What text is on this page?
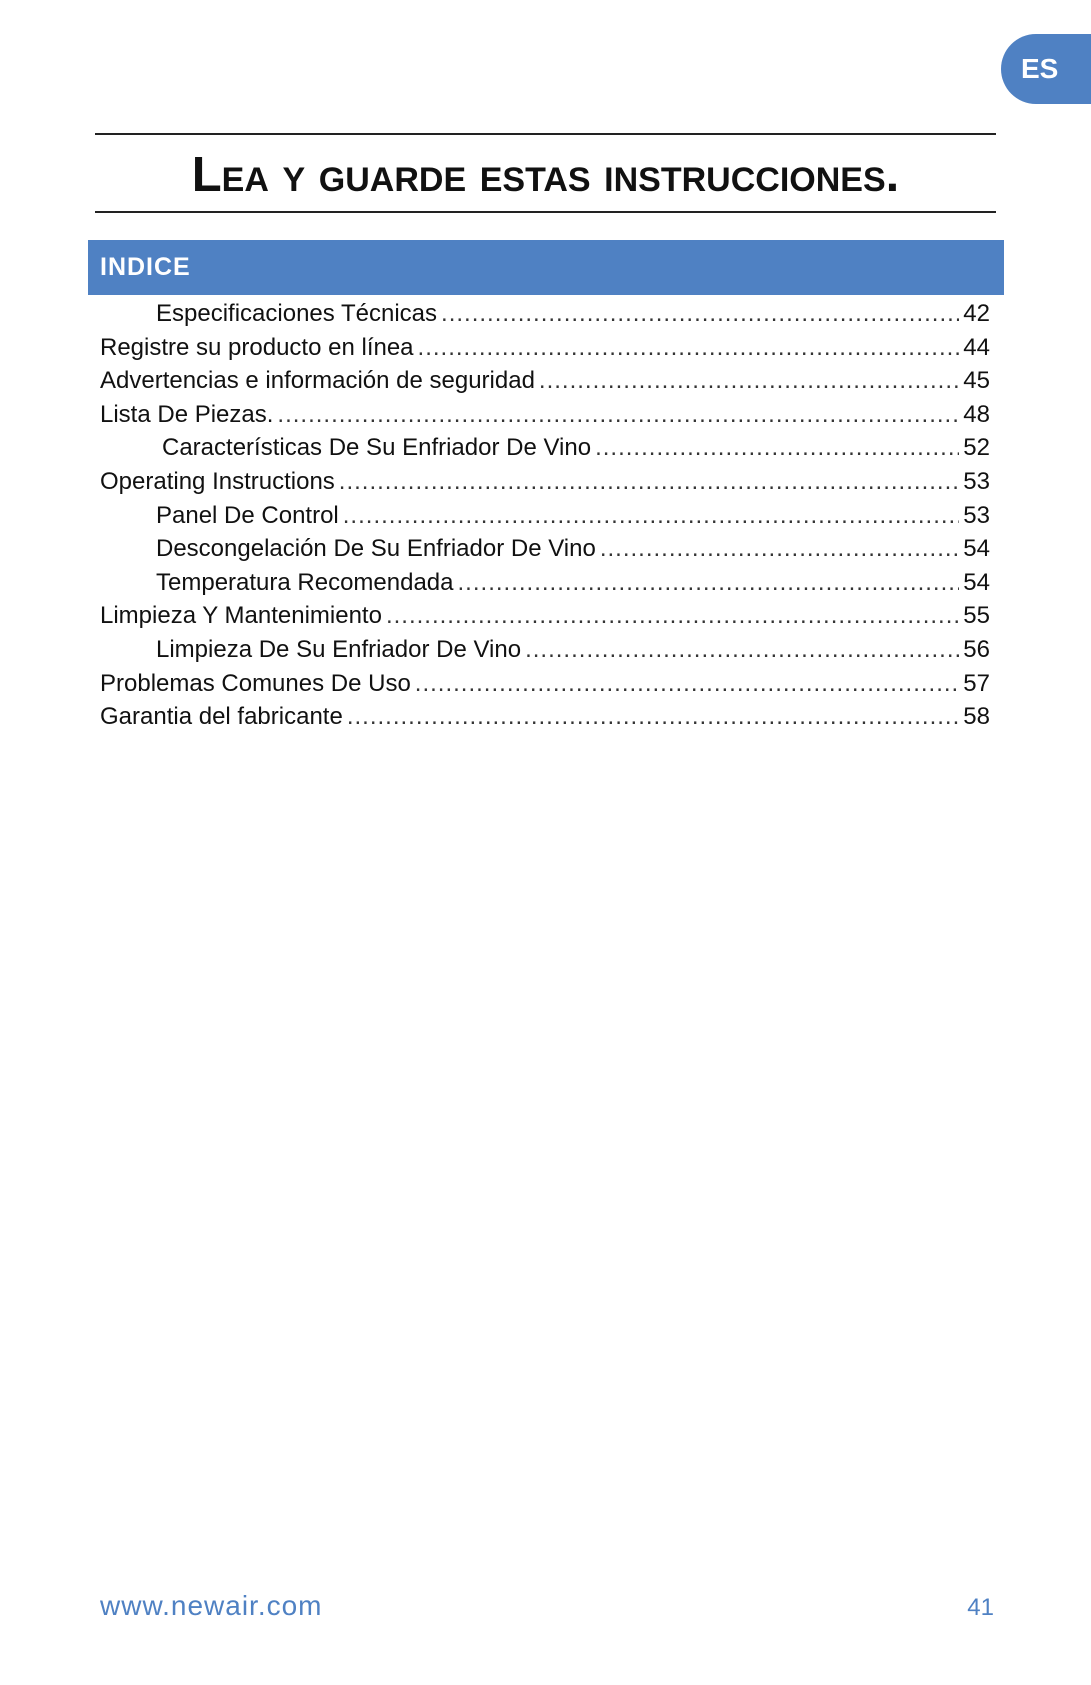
ES
Lea y guarde estas instrucciones.
INDICE
Especificaciones Técnicas .....	42
Registre su producto en línea .....	44
Advertencias e información de seguridad .....	45
Lista De Piezas. .....	48
Características De Su Enfriador De Vino .....	52
Operating Instructions .....	53
Panel De Control .....	53
Descongelación De Su Enfriador De Vino .....	54
Temperatura Recomendada .....	54
Limpieza Y Mantenimiento .....	55
Limpieza De Su Enfriador De Vino .....	56
Problemas Comunes De Uso .....	57
Garantia del fabricante .....	58
www.newair.com	41
